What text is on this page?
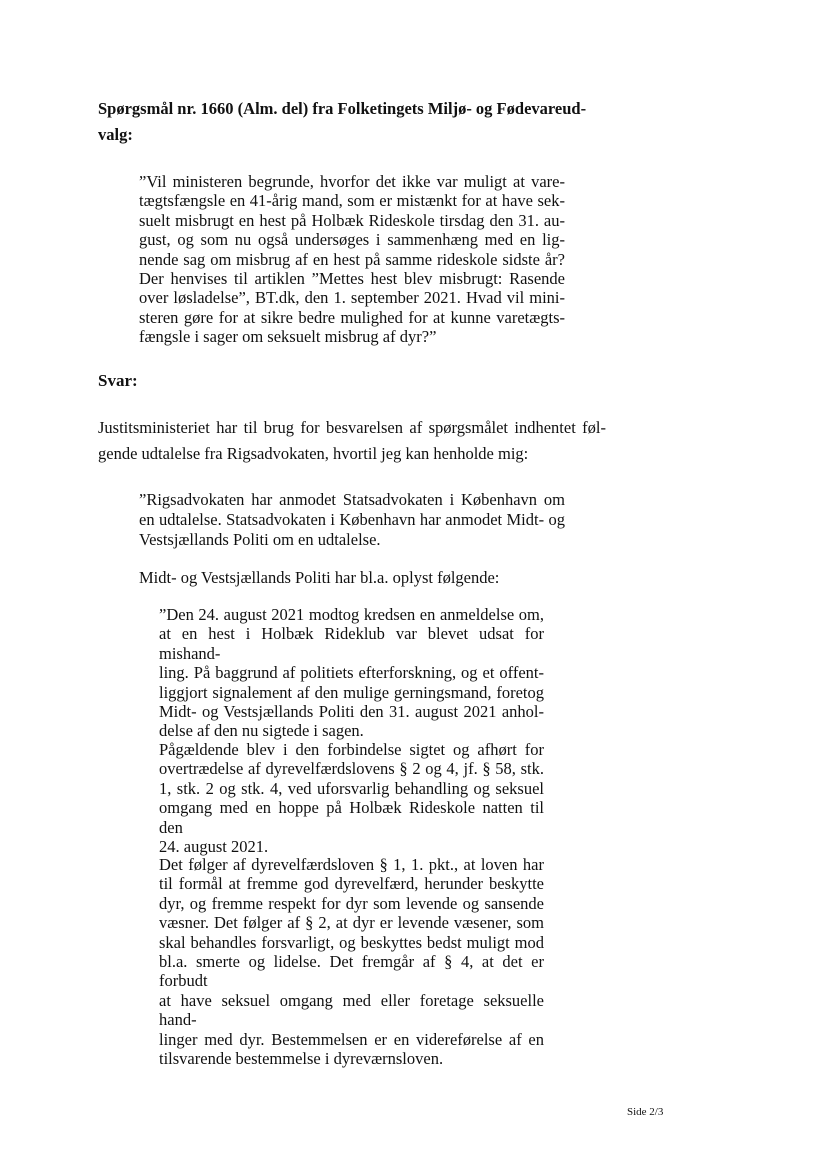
Spørgsmål nr. 1660 (Alm. del) fra Folketingets Miljø- og Fødevareud-
valg:
”Vil ministeren begrunde, hvorfor det ikke var muligt at vare-
tægtsfængsle en 41-årig mand, som er mistænkt for at have sek-
suelt misbrugt en hest på Holbæk Rideskole tirsdag den 31. au-
gust, og som nu også undersøges i sammenhæng med en lig-
nende sag om misbrug af en hest på samme rideskole sidste år?
Der henvises til artiklen ”Mettes hest blev misbrugt: Rasende
over løsladelse”, BT.dk, den 1. september 2021. Hvad vil mini-
steren gøre for at sikre bedre mulighed for at kunne varetægts-
fængsle i sager om seksuelt misbrug af dyr?”
Svar:
Justitsministeriet har til brug for besvarelsen af spørgsmålet indhentet føl-
gende udtalelse fra Rigsadvokaten, hvortil jeg kan henholde mig:
”Rigsadvokaten har anmodet Statsadvokaten i København om
en udtalelse. Statsadvokaten i København har anmodet Midt- og
Vestsjællands Politi om en udtalelse.
Midt- og Vestsjællands Politi har bl.a. oplyst følgende:
”Den 24. august 2021 modtog kredsen en anmeldelse om,
at en hest i Holbæk Rideklub var blevet udsat for mishand-
ling. På baggrund af politiets efterforskning, og et offent-
liggjort signalement af den mulige gerningsmand, foretog
Midt- og Vestsjællands Politi den 31. august 2021 anhol-
delse af den nu sigtede i sagen.
Pågældende blev i den forbindelse sigtet og afhørt for
overtrædelse af dyrevelfærdslovens § 2 og 4, jf. § 58, stk.
1, stk. 2 og stk. 4, ved uforsvarlig behandling og seksuel
omgang med en hoppe på Holbæk Rideskole natten til den
24. august 2021.
Det følger af dyrevelfærdsloven § 1, 1. pkt., at loven har
til formål at fremme god dyrevelfærd, herunder beskytte
dyr, og fremme respekt for dyr som levende og sansende
væsner. Det følger af § 2, at dyr er levende væsener, som
skal behandles forsvarligt, og beskyttes bedst muligt mod
bl.a. smerte og lidelse. Det fremgår af § 4, at det er forbudt
at have seksuel omgang med eller foretage seksuelle hand-
linger med dyr. Bestemmelsen er en videreførelse af en
tilsvarende bestemmelse i dyreværnsloven.
Side 2/3
